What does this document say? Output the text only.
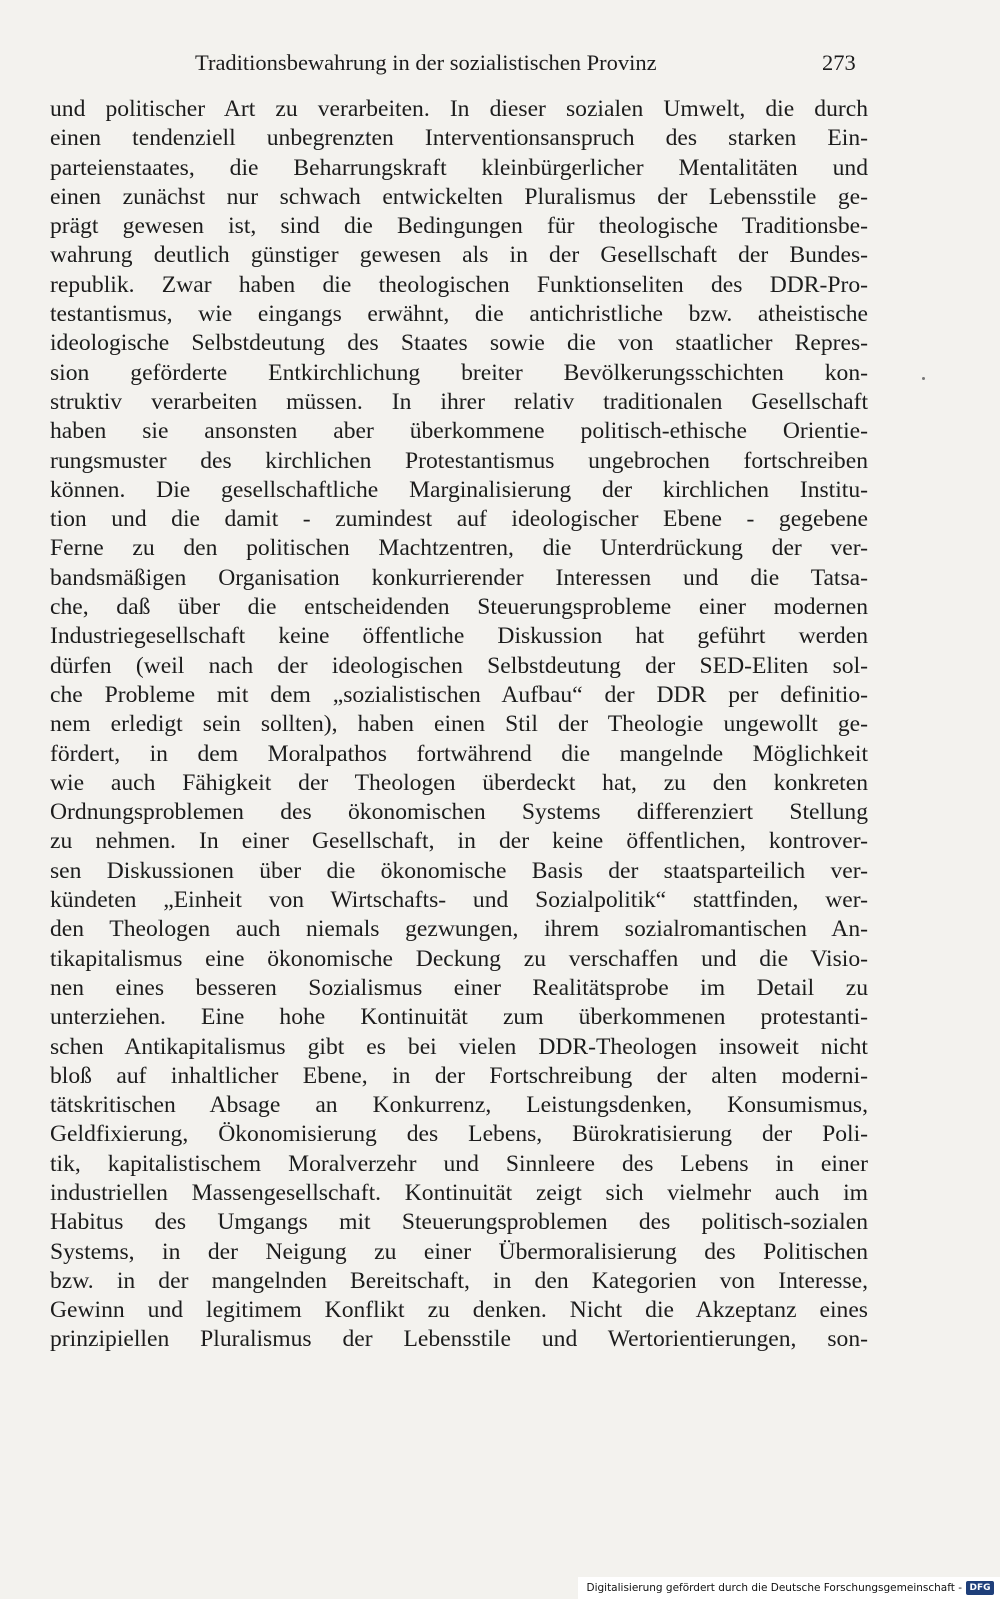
Traditionsbewahrung in der sozialistischen Provinz	273
und politischer Art zu verarbeiten. In dieser sozialen Umwelt, die durch
einen tendenziell unbegrenzten Interventionsanspruch des starken Ein-
parteienstaates, die Beharrungskraft kleinbürgerlicher Mentalitäten und
einen zunächst nur schwach entwickelten Pluralismus der Lebensstile ge-
prägt gewesen ist, sind die Bedingungen für theologische Traditionsbe-
wahrung deutlich günstiger gewesen als in der Gesellschaft der Bundes-
republik. Zwar haben die theologischen Funktionseliten des DDR-Pro-
testantismus, wie eingangs erwähnt, die antichristliche bzw. atheistische
ideologische Selbstdeutung des Staates sowie die von staatlicher Repres-
sion geförderte Entkirchlichung breiter Bevölkerungsschichten kon-
struktiv verarbeiten müssen. In ihrer relativ traditionalen Gesellschaft
haben sie ansonsten aber überkommene politisch-ethische Orientie-
rungsmuster des kirchlichen Protestantismus ungebrochen fortschreiben
können. Die gesellschaftliche Marginalisierung der kirchlichen Institu-
tion und die damit - zumindest auf ideologischer Ebene - gegebene
Ferne zu den politischen Machtzentren, die Unterdrückung der ver-
bandsmäßigen Organisation konkurrierender Interessen und die Tatsa-
che, daß über die entscheidenden Steuerungsprobleme einer modernen
Industriegesellschaft keine öffentliche Diskussion hat geführt werden
dürfen (weil nach der ideologischen Selbstdeutung der SED-Eliten sol-
che Probleme mit dem „sozialistischen Aufbau“ der DDR per definitio-
nem erledigt sein sollten), haben einen Stil der Theologie ungewollt ge-
fördert, in dem Moralpathos fortwährend die mangelnde Möglichkeit
wie auch Fähigkeit der Theologen überdeckt hat, zu den konkreten
Ordnungsproblemen des ökonomischen Systems differenziert Stellung
zu nehmen. In einer Gesellschaft, in der keine öffentlichen, kontrover-
sen Diskussionen über die ökonomische Basis der staatsparteilich ver-
kündeten „Einheit von Wirtschafts- und Sozialpolitik“ stattfinden, wer-
den Theologen auch niemals gezwungen, ihrem sozialromantischen An-
tikapitalismus eine ökonomische Deckung zu verschaffen und die Visio-
nen eines besseren Sozialismus einer Realitätsprobe im Detail zu
unterziehen. Eine hohe Kontinuität zum überkommenen protestanti-
schen Antikapitalismus gibt es bei vielen DDR-Theologen insoweit nicht
bloß auf inhaltlicher Ebene, in der Fortschreibung der alten moderni-
tätskritischen Absage an Konkurrenz, Leistungsdenken, Konsumismus,
Geldfixierung, Ökonomisierung des Lebens, Bürokratisierung der Poli-
tik, kapitalistischem Moralverzehr und Sinnleere des Lebens in einer
industriellen Massengesellschaft. Kontinuität zeigt sich vielmehr auch im
Habitus des Umgangs mit Steuerungsproblemen des politisch-sozialen
Systems, in der Neigung zu einer Übermoralisierung des Politischen
bzw. in der mangelnden Bereitschaft, in den Kategorien von Interesse,
Gewinn und legitimem Konflikt zu denken. Nicht die Akzeptanz eines
prinzipiellen Pluralismus der Lebensstile und Wertorientierungen, son-
Digitalisierung gefördert durch die Deutsche Forschungsgemeinschaft - DFG
